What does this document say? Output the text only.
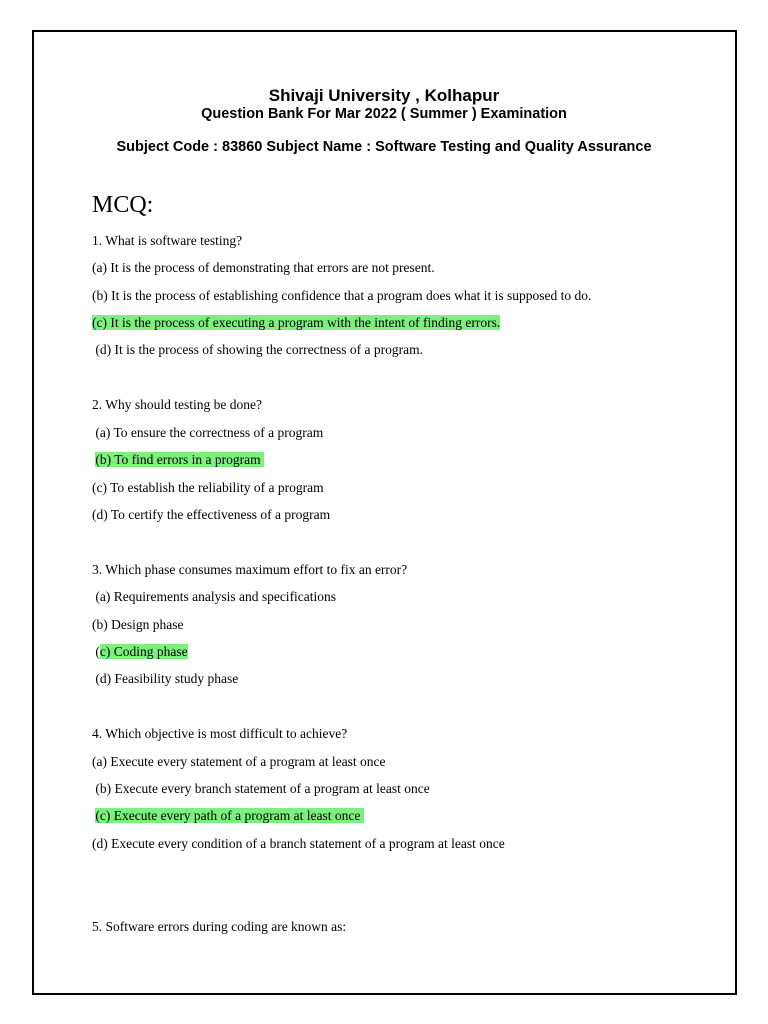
Shivaji University , Kolhapur
Question Bank For Mar 2022 ( Summer ) Examination
Subject Code : 83860 Subject Name : Software Testing and Quality Assurance
MCQ:
1. What is software testing?
(a) It is the process of demonstrating that errors are not present.
(b) It is the process of establishing confidence that a program does what it is supposed to do.
(c) It is the process of executing a program with the intent of finding errors.
(d) It is the process of showing the correctness of a program.
2. Why should testing be done?
(a) To ensure the correctness of a program
(b) To find errors in a program
(c) To establish the reliability of a program
(d) To certify the effectiveness of a program
3. Which phase consumes maximum effort to fix an error?
(a) Requirements analysis and specifications
(b) Design phase
(c) Coding phase
(d) Feasibility study phase
4. Which objective is most difficult to achieve?
(a) Execute every statement of a program at least once
(b) Execute every branch statement of a program at least once
(c) Execute every path of a program at least once
(d) Execute every condition of a branch statement of a program at least once
5. Software errors during coding are known as:
